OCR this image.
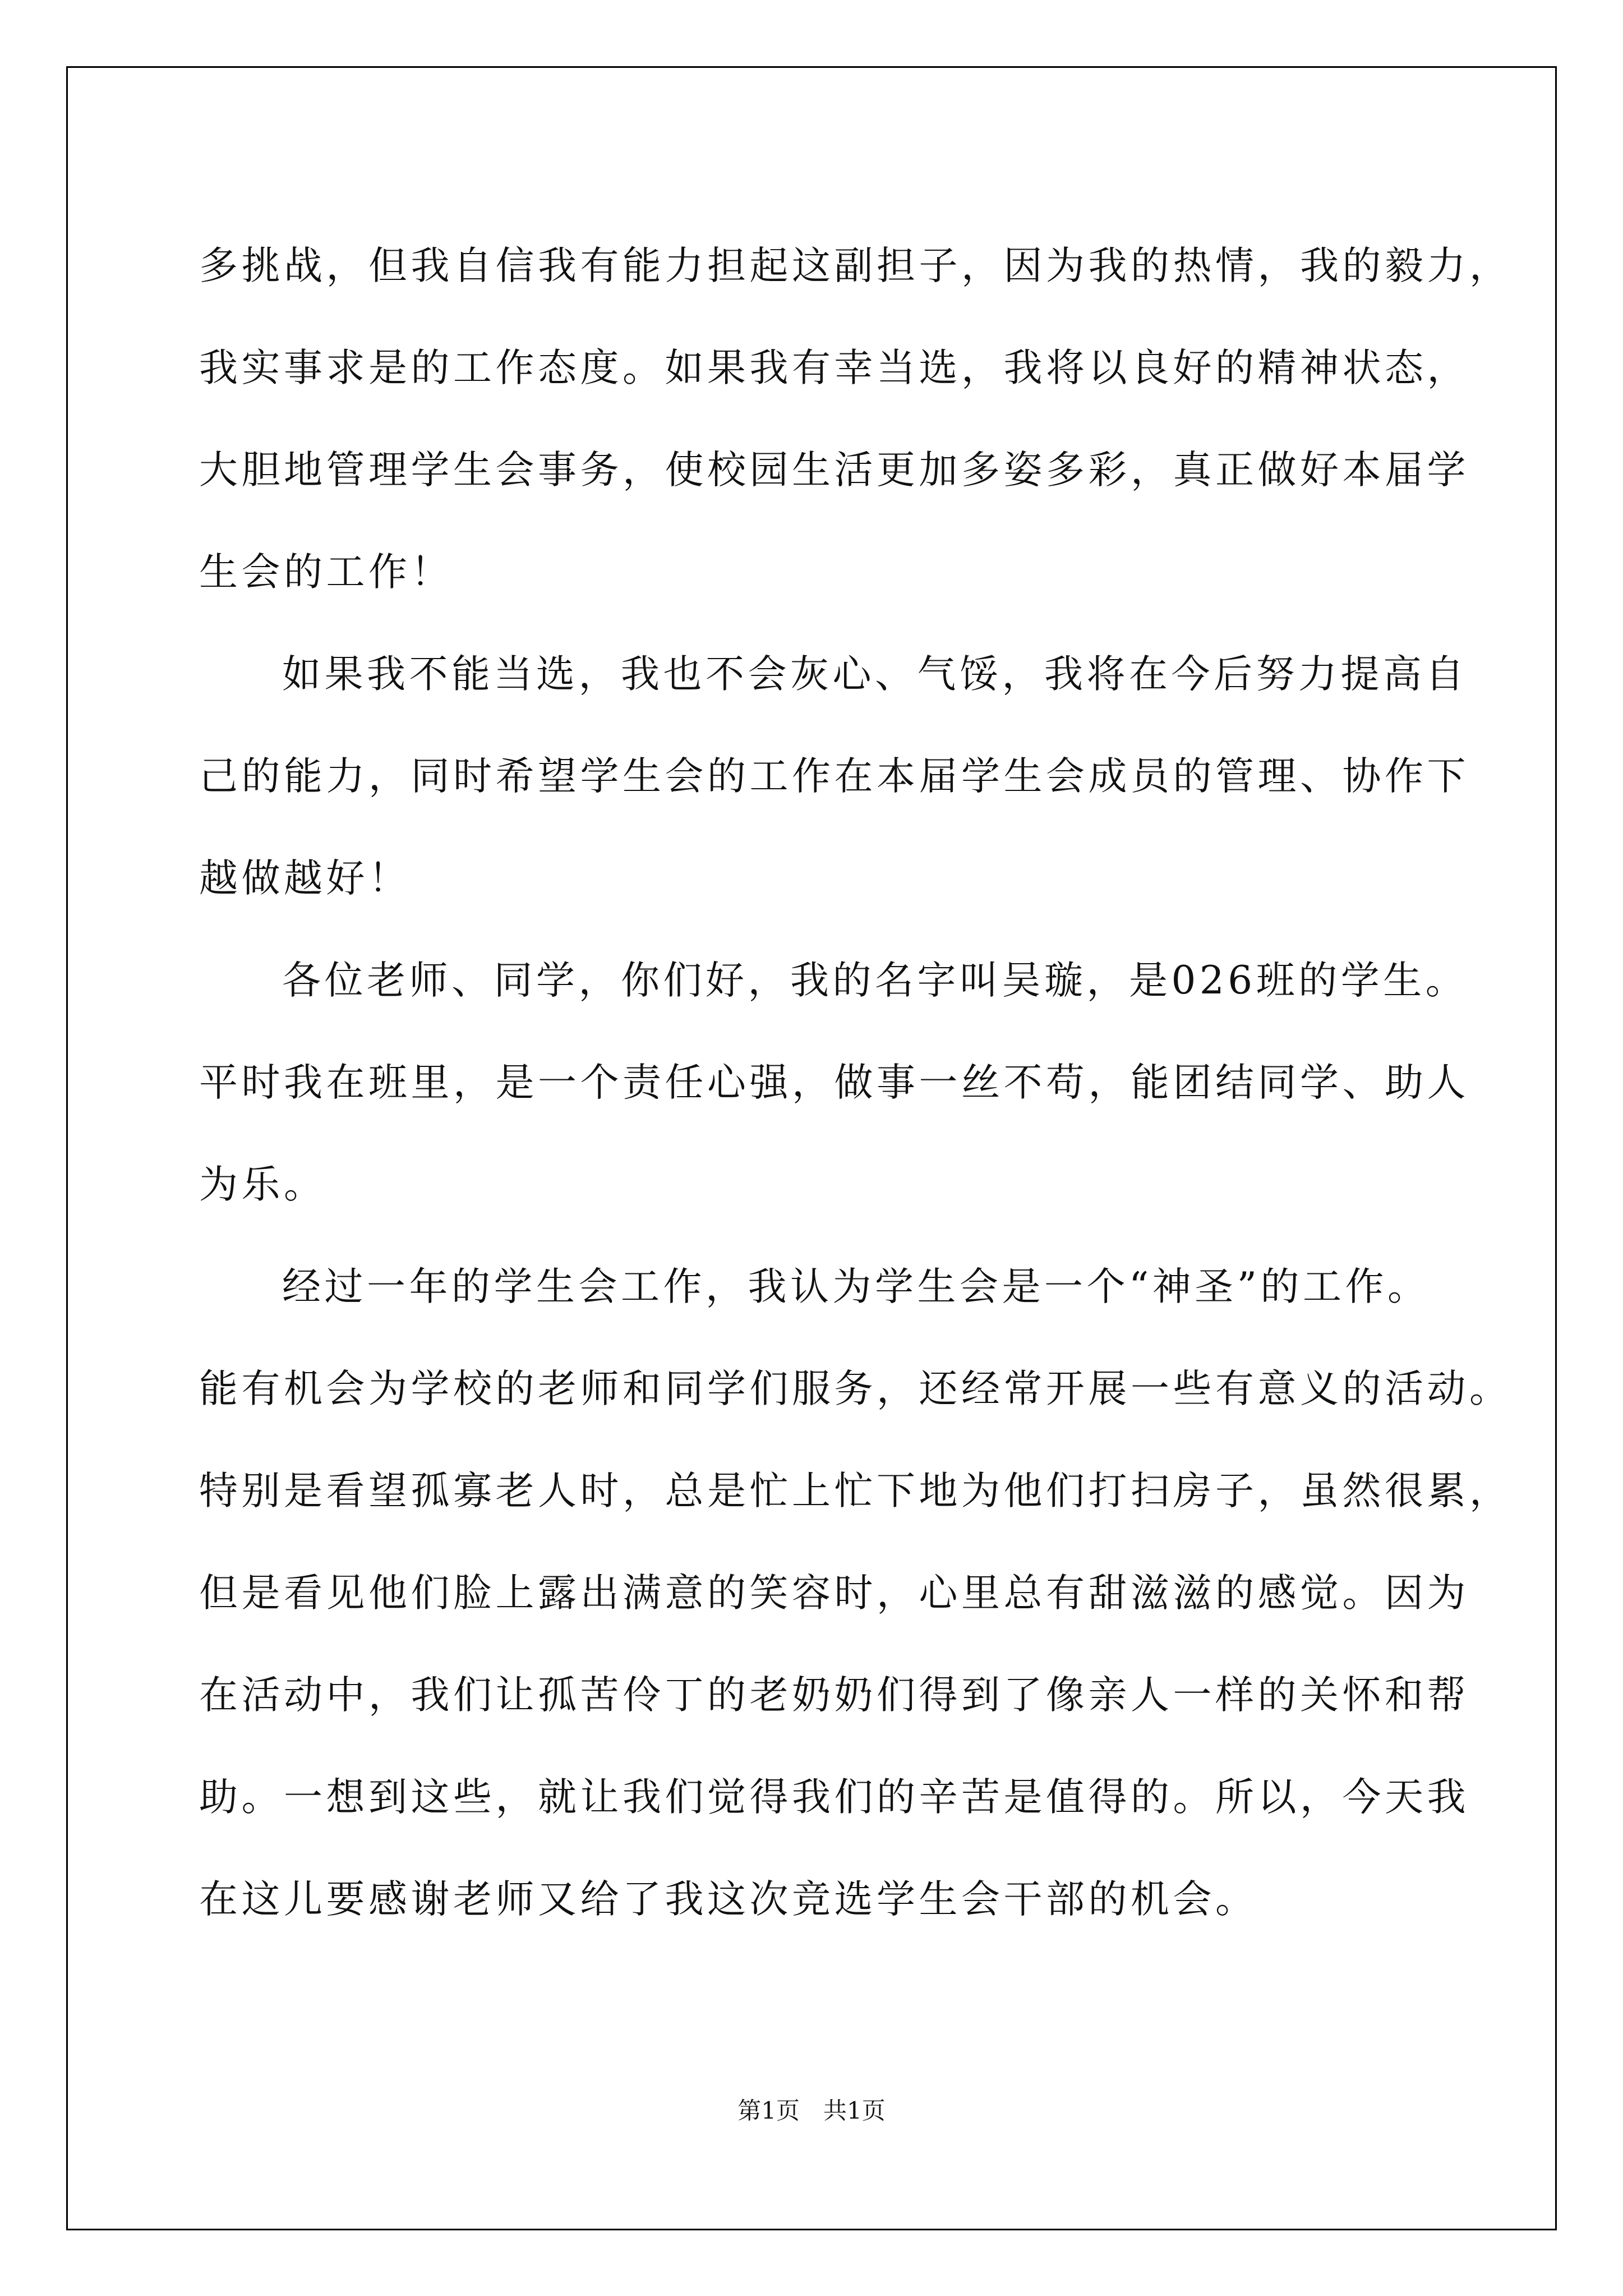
多挑战，但我自信我有能力担起这副担子，因为我的热情，我的毅力，
我实事求是的工作态度。如果我有幸当选，我将以良好的精神状态，
大胆地管理学生会事务，使校园生活更加多姿多彩，真正做好本届学
生会的工作！
如果我不能当选，我也不会灰心、气馁，我将在今后努力提高自
己的能力，同时希望学生会的工作在本届学生会成员的管理、协作下
越做越好！
各位老师、同学，你们好，我的名字叫吴璇，是026班的学生。
平时我在班里，是一个责任心强，做事一丝不苟，能团结同学、助人
为乐。
经过一年的学生会工作，我认为学生会是一个“神圣”的工作。
能有机会为学校的老师和同学们服务，还经常开展一些有意义的活动。
特别是看望孤寡老人时，总是忙上忙下地为他们打扫房子，虽然很累，
但是看见他们脸上露出满意的笑容时，心里总有甜滋滋的感觉。因为
在活动中，我们让孤苦伶丁的老奶奶们得到了像亲人一样的关怀和帮
助。一想到这些，就让我们觉得我们的辛苦是值得的。所以，今天我
在这儿要感谢老师又给了我这次竞选学生会干部的机会。
第1页 共1页
